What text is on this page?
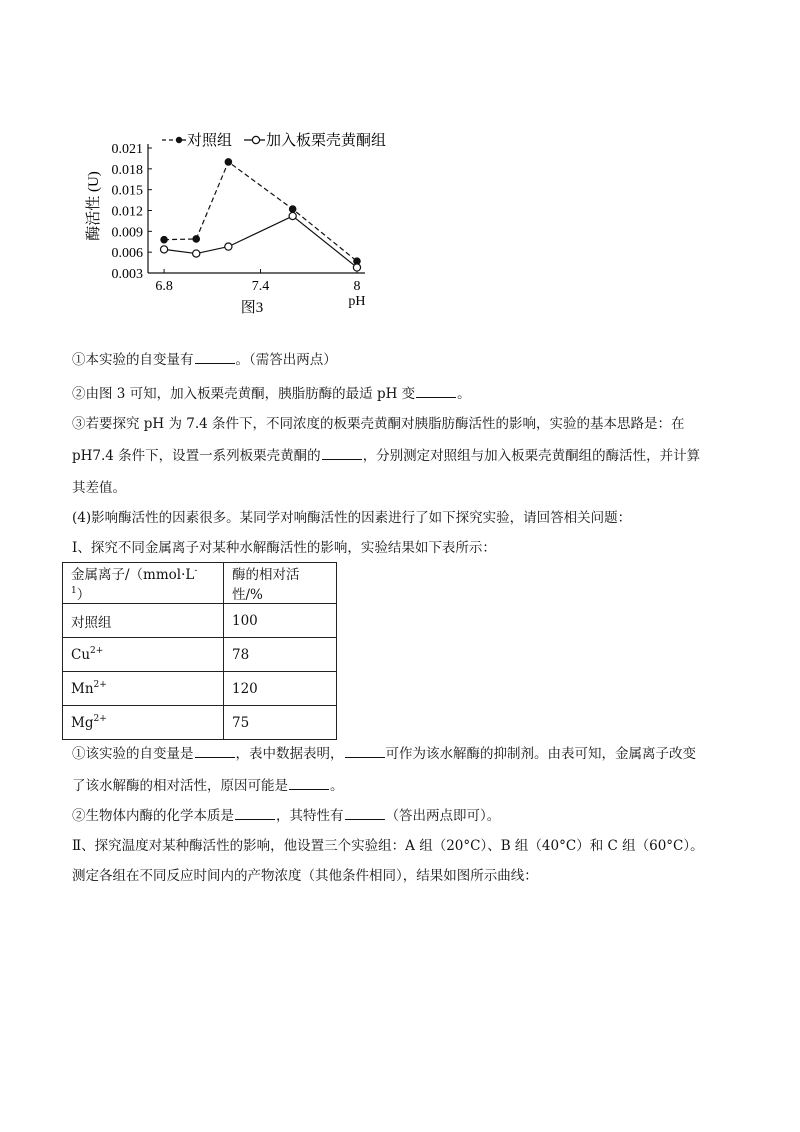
对照组 加入板栗壳黄酮组
酶活性 (U)
0.003
0.006
0.009
0.012
0.015
0.018
0.021
6.8	7.4	8
pH
图3
①本实验的自变量有	。（需答出两点）
②由图 3 可知，加入板栗壳黄酮，胰脂肪酶的最适 pH 变	。
③若要探究 pH 为 7.4 条件下，不同浓度的板栗壳黄酮对胰脂肪酶活性的影响，实验的基本思路是：在
pH7.4 条件下，设置一系列板栗壳黄酮的	，分别测定对照组与加入板栗壳黄酮组的酶活性，并计算
其差值。
(4)影响酶活性的因素很多。某同学对响酶活性的因素进行了如下探究实验，请回答相关问题：
Ⅰ、探究不同金属离子对某种水解酶活性的影响，实验结果如下表所示：
金属离子$/(mmol\cdot L^{-1})$	酶的相对活性/%
对照组	100
$Cu^{2+}$	78
$Mn^{2+}$	120
$Mg^{2+}$	75
①该实验的自变量是	，表中数据表明，	可作为该水解酶的抑制剂。由表可知，金属离子改变
了该水解酶的相对活性，原因可能是	。
②生物体内酶的化学本质是	，其特性有	（答出两点即可）。
Ⅱ、探究温度对某种酶活性的影响，他设置三个实验组：A 组（20°C）、B 组（40°C）和 C 组（60°C）。
测定各组在不同反应时间内的产物浓度（其他条件相同），结果如图所示曲线：
